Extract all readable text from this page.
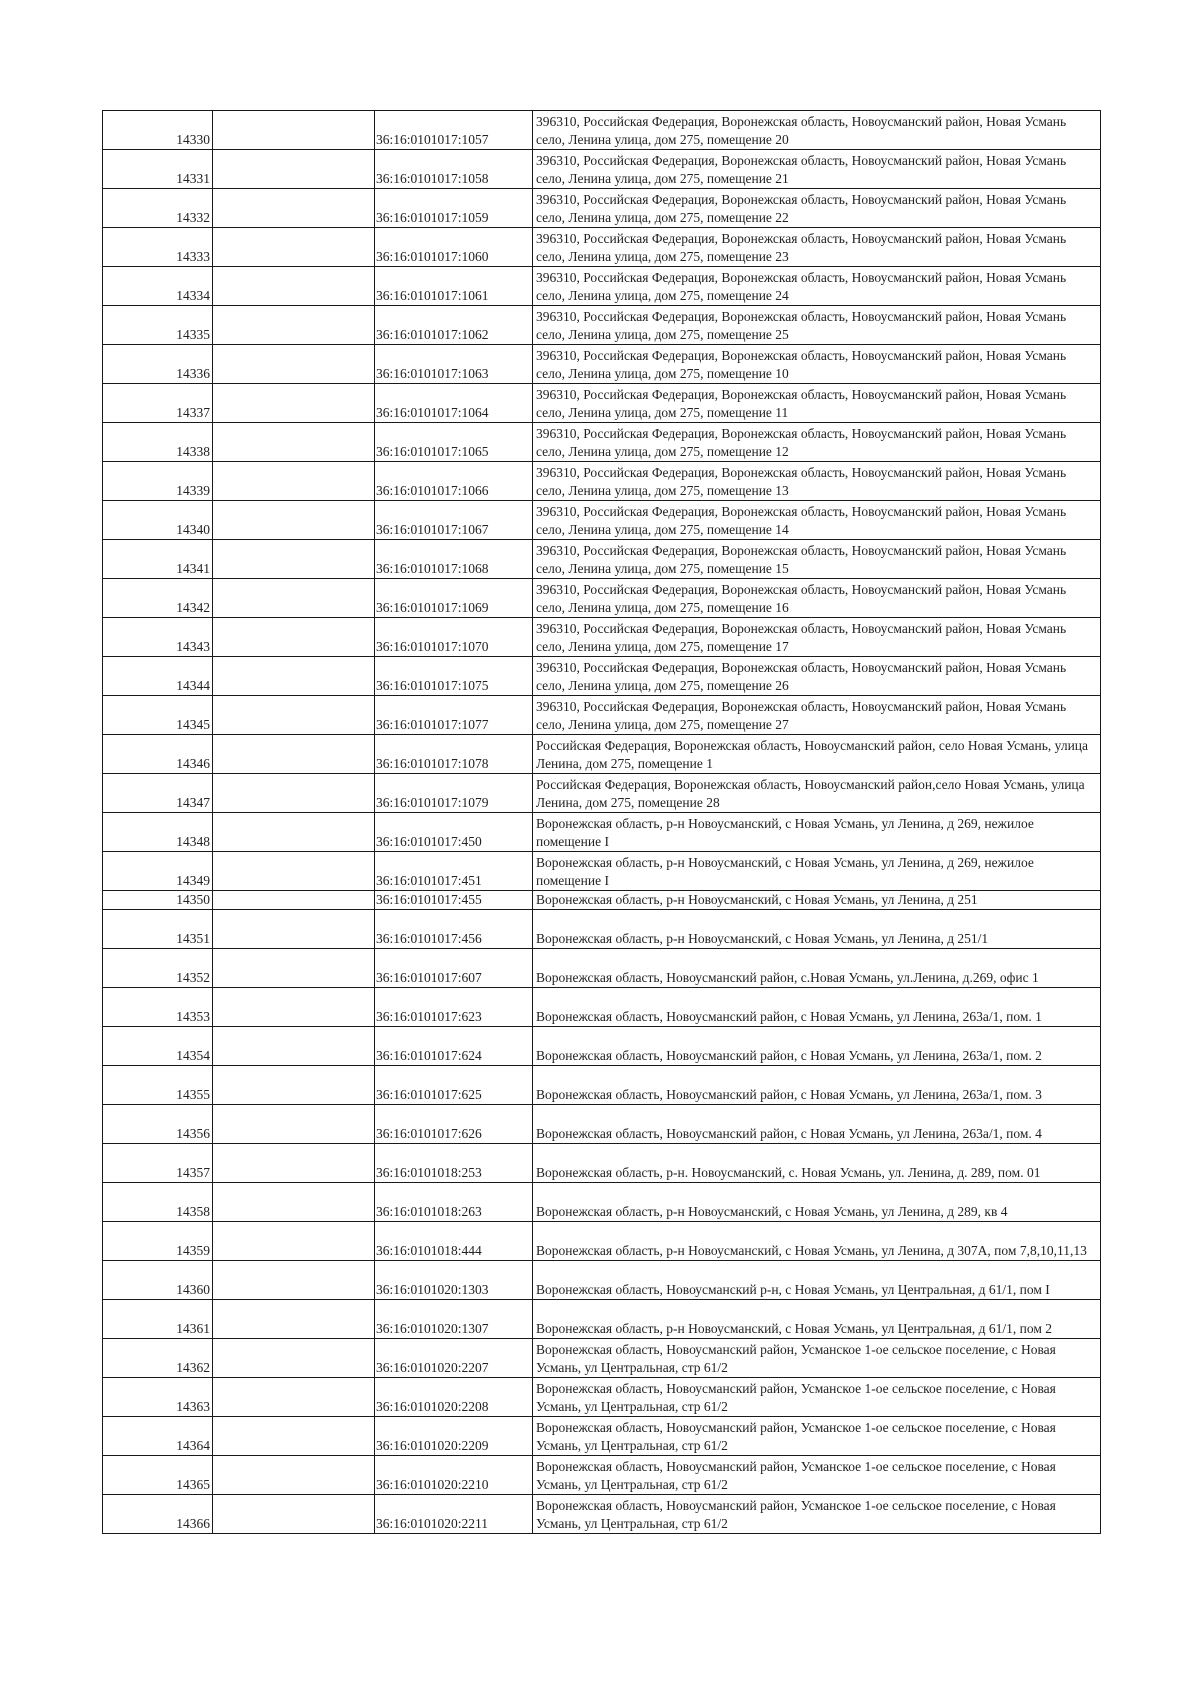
14330		36:16:0101017:1057	396310, Российская Федерация, Воронежская область, Новоусманский район, Новая Усмань село, Ленина улица, дом 275, помещение 20
14331		36:16:0101017:1058	396310, Российская Федерация, Воронежская область, Новоусманский район, Новая Усмань село, Ленина улица, дом 275, помещение 21
14332		36:16:0101017:1059	396310, Российская Федерация, Воронежская область, Новоусманский район, Новая Усмань село, Ленина улица, дом 275, помещение 22
14333		36:16:0101017:1060	396310, Российская Федерация, Воронежская область, Новоусманский район, Новая Усмань село, Ленина улица, дом 275, помещение 23
14334		36:16:0101017:1061	396310, Российская Федерация, Воронежская область, Новоусманский район, Новая Усмань село, Ленина улица, дом 275, помещение 24
14335		36:16:0101017:1062	396310, Российская Федерация, Воронежская область, Новоусманский район, Новая Усмань село, Ленина улица, дом 275, помещение 25
14336		36:16:0101017:1063	396310, Российская Федерация, Воронежская область, Новоусманский район, Новая Усмань село, Ленина улица, дом 275, помещение 10
14337		36:16:0101017:1064	396310, Российская Федерация, Воронежская область, Новоусманский район, Новая Усмань село, Ленина улица, дом 275, помещение 11
14338		36:16:0101017:1065	396310, Российская Федерация, Воронежская область, Новоусманский район, Новая Усмань село, Ленина улица, дом 275, помещение 12
14339		36:16:0101017:1066	396310, Российская Федерация, Воронежская область, Новоусманский район, Новая Усмань село, Ленина улица, дом 275, помещение 13
14340		36:16:0101017:1067	396310, Российская Федерация, Воронежская область, Новоусманский район, Новая Усмань село, Ленина улица, дом 275, помещение 14
14341		36:16:0101017:1068	396310, Российская Федерация, Воронежская область, Новоусманский район, Новая Усмань село, Ленина улица, дом 275, помещение 15
14342		36:16:0101017:1069	396310, Российская Федерация, Воронежская область, Новоусманский район, Новая Усмань село, Ленина улица, дом 275, помещение 16
14343		36:16:0101017:1070	396310, Российская Федерация, Воронежская область, Новоусманский район, Новая Усмань село, Ленина улица, дом 275, помещение 17
14344		36:16:0101017:1075	396310, Российская Федерация, Воронежская область, Новоусманский район, Новая Усмань село, Ленина улица, дом 275, помещение 26
14345		36:16:0101017:1077	396310, Российская Федерация, Воронежская область, Новоусманский район, Новая Усмань село, Ленина улица, дом 275, помещение 27
14346		36:16:0101017:1078	Российская Федерация, Воронежская область, Новоусманский район, село Новая Усмань, улица Ленина, дом 275, помещение 1
14347		36:16:0101017:1079	Российская Федерация, Воронежская область, Новоусманский район,село Новая Усмань, улица Ленина, дом 275, помещение 28
14348		36:16:0101017:450	Воронежская область, р-н Новоусманский, с Новая Усмань, ул Ленина, д 269, нежилое помещение I
14349		36:16:0101017:451	Воронежская область, р-н Новоусманский, с Новая Усмань, ул Ленина, д 269, нежилое помещение I
14350		36:16:0101017:455	Воронежская область, р-н Новоусманский, с Новая Усмань, ул Ленина, д 251
14351		36:16:0101017:456	Воронежская область, р-н Новоусманский, с Новая Усмань, ул Ленина, д 251/1
14352		36:16:0101017:607	Воронежская область, Новоусманский район, с.Новая Усмань, ул.Ленина, д.269, офис 1
14353		36:16:0101017:623	Воронежская область, Новоусманский район, с Новая Усмань, ул Ленина, 263а/1, пом. 1
14354		36:16:0101017:624	Воронежская область, Новоусманский район, с Новая Усмань, ул Ленина, 263а/1, пом. 2
14355		36:16:0101017:625	Воронежская область, Новоусманский район, с Новая Усмань, ул Ленина, 263а/1, пом. 3
14356		36:16:0101017:626	Воронежская область, Новоусманский район, с Новая Усмань, ул Ленина, 263а/1, пом. 4
14357		36:16:0101018:253	Воронежская область, р-н. Новоусманский, с. Новая Усмань, ул. Ленина, д. 289, пом. 01
14358		36:16:0101018:263	Воронежская область, р-н Новоусманский, с Новая Усмань, ул Ленина, д 289, кв 4
14359		36:16:0101018:444	Воронежская область, р-н Новоусманский, с Новая Усмань, ул Ленина, д 307А, пом 7,8,10,11,13
14360		36:16:0101020:1303	Воронежская область, Новоусманский р-н, с Новая Усмань, ул Центральная, д 61/1, пом I
14361		36:16:0101020:1307	Воронежская область, р-н Новоусманский, с Новая Усмань, ул Центральная, д 61/1, пом 2
14362		36:16:0101020:2207	Воронежская область, Новоусманский район, Усманское 1-ое сельское поселение, с Новая Усмань, ул Центральная, стр 61/2
14363		36:16:0101020:2208	Воронежская область, Новоусманский район, Усманское 1-ое сельское поселение, с Новая Усмань, ул Центральная, стр 61/2
14364		36:16:0101020:2209	Воронежская область, Новоусманский район, Усманское 1-ое сельское поселение, с Новая Усмань, ул Центральная, стр 61/2
14365		36:16:0101020:2210	Воронежская область, Новоусманский район, Усманское 1-ое сельское поселение, с Новая Усмань, ул Центральная, стр 61/2
14366		36:16:0101020:2211	Воронежская область, Новоусманский район, Усманское 1-ое сельское поселение, с Новая Усмань, ул Центральная, стр 61/2
